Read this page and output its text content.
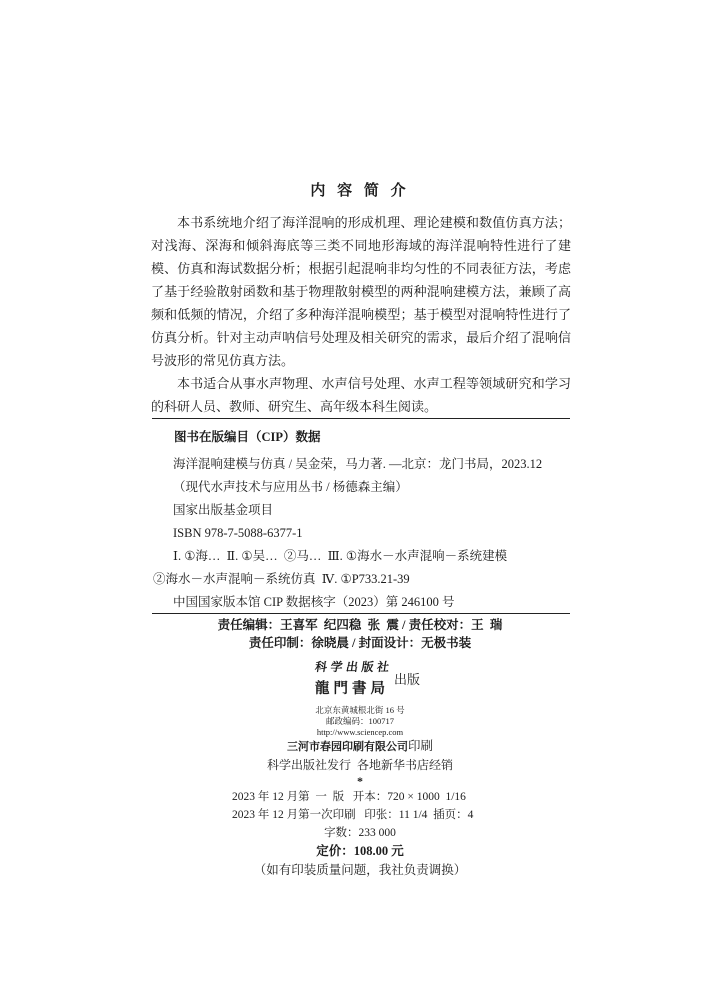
内 容 简 介
本书系统地介绍了海洋混响的形成机理、理论建模和数值仿真方法；
对浅海、深海和倾斜海底等三类不同地形海域的海洋混响特性进行了建
模、仿真和海试数据分析；根据引起混响非均匀性的不同表征方法，考虑
了基于经验散射函数和基于物理散射模型的两种混响建模方法，兼顾了高
频和低频的情况，介绍了多种海洋混响模型；基于模型对混响特性进行了
仿真分析。针对主动声呐信号处理及相关研究的需求，最后介绍了混响信
号波形的常见仿真方法。
本书适合从事水声物理、水声信号处理、水声工程等领域研究和学习
的科研人员、教师、研究生、高年级本科生阅读。
图书在版编目（CIP）数据
海洋混响建模与仿真 / 吴金荣，马力著. —北京：龙门书局，2023.12
（现代水声技术与应用丛书 / 杨德森主编）
国家出版基金项目
ISBN 978-7-5088-6377-1
Ⅰ. ①海…  Ⅱ. ①吴…  ②马…  Ⅲ. ①海水－水声混响－系统建模
②海水－水声混响－系统仿真  Ⅳ. ①P733.21-39
中国国家版本馆 CIP 数据核字（2023）第 246100 号
责任编辑：王喜军  纪四稳  张  震 / 责任校对：王  瑞
责任印制：徐晓晨 / 封面设计：无极书装
科学出版社
龍門書局
出版
北京东黄城根北街 16 号
邮政编码：100717
http://www.sciencep.com
三河市春园印刷有限公司印刷
科学出版社发行  各地新华书店经销
*
2023 年 12 月第  一  版   开本：720 × 1000  1/16
2023 年 12 月第一次印刷   印张：11 1/4  插页：4
字数：233 000
定价：108.00 元
（如有印装质量问题，我社负责调换）
